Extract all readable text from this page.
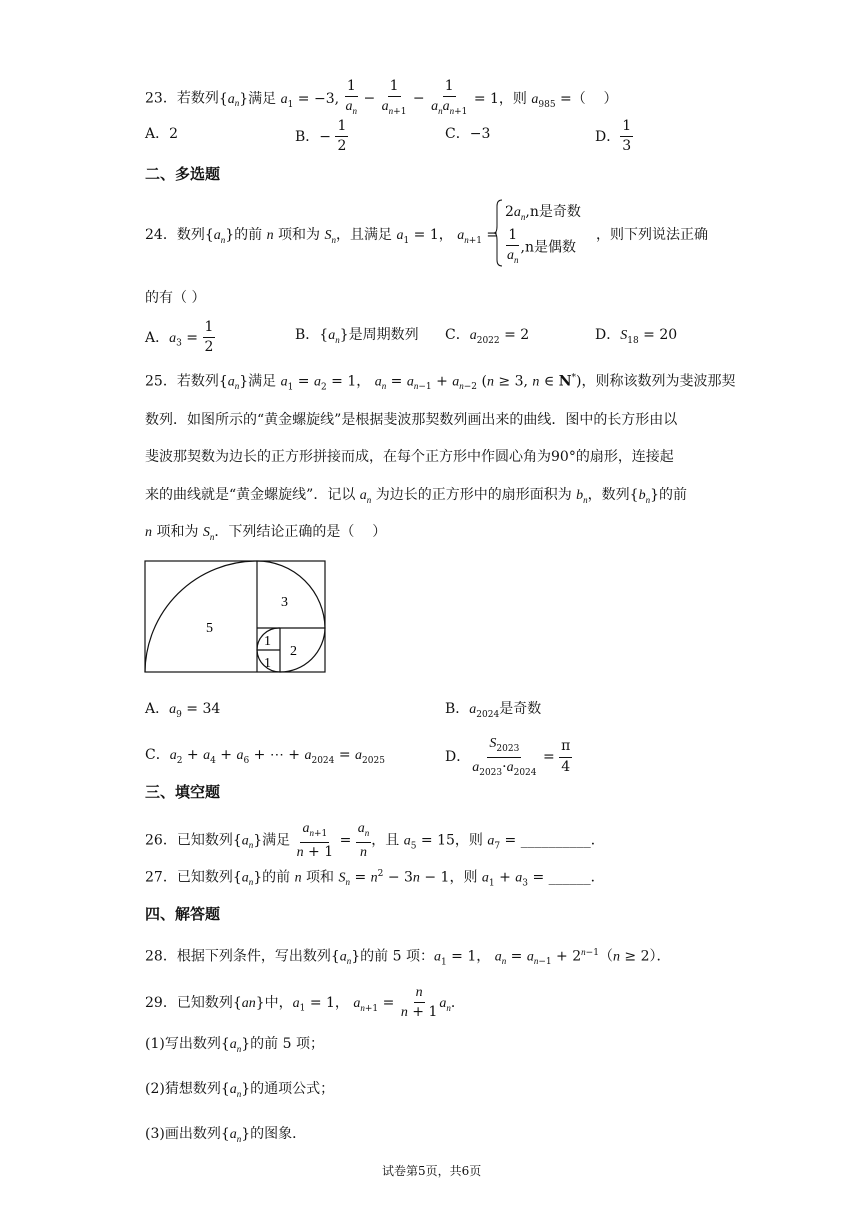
23．若数列$\{a_n\}$满足 $a_1 = -3$, $\frac{1}{a_n} - \frac{1}{a_{n+1}} - \frac{1}{a_na_{n+1}} = 1$，则 $a_{985}$ =（    ）
A．2	B．− $\frac{1}{2}$	C．−3	D． $\frac{1}{3}$
二、多选题
24．数列$\{a_n\}$的前 n 项和为 $S_n$，且满足 $a_1 = 1$， $a_{n+1}$ =
$2a_n,n$是奇数
$\frac{1}{a_n} ,n$是偶数
，则下列说法正确
的有（ ）
A．$a_3 = \frac{1}{2}$	B．$\{a_n\}$是周期数列 C．$a_{2022} = 2$	D．$S_{18} = 20$
25．若数列$\{a_n\}$满足 $a_1 = a_2 = 1$， $a_n = a_{n-1} + a_{n-2}$ (n ≥ 3, n ∈ N*)，则称该数列为斐波那契
数列．如图所示的“黄金螺旋线”是根据斐波那契数列画出来的曲线．图中的长方形由以
斐波那契数为边长的正方形拼接而成，在每个正方形中作圆心角为90°的扇形，连接起
来的曲线就是“黄金螺旋线”．记以 $a_n$ 为边长的正方形中的扇形面积为 $b_n$，数列$\{b_n\}$的前
n 项和为 $S_n$．下列结论正确的是（    ）
5
3
1
1
2
A．$a_9 = 34$	B．$a_{2024}$是奇数
C．$a_2 + a_4 + a_6$ + ⋯ + $a_{2024} = a_{2025}$	D． $\frac{S_{2023}}{a_{2023}\cdot a_{2024}} = \frac{\pi}{4}$
三、填空题
26．已知数列$\{a_n\}$满足 $\frac{a_{n+1}}{n + 1} = \frac{a_n}{n}$ ，且 $a_5 = 15$，则 $a_7$ = __________．
27．已知数列$\{a_n\}$的前 n 项和 $S_n = n^2 - 3n - 1$，则 $a_1 + a_3$ = ______．
四、解答题
28．根据下列条件，写出数列$\{a_n\}$的前 5 项：$a_1 = 1$， $a_n = a_{n-1} + 2^{n-1}(n \ge 2)$．
29．已知数列{an}中，$a_1 = 1$， $a_{n+1} = \frac{n}{n + 1} a_n$．
(1)写出数列$\{a_n\}$的前 5 项；
(2)猜想数列$\{a_n\}$的通项公式；
(3)画出数列$\{a_n\}$的图象．
试卷第5页，共6页
